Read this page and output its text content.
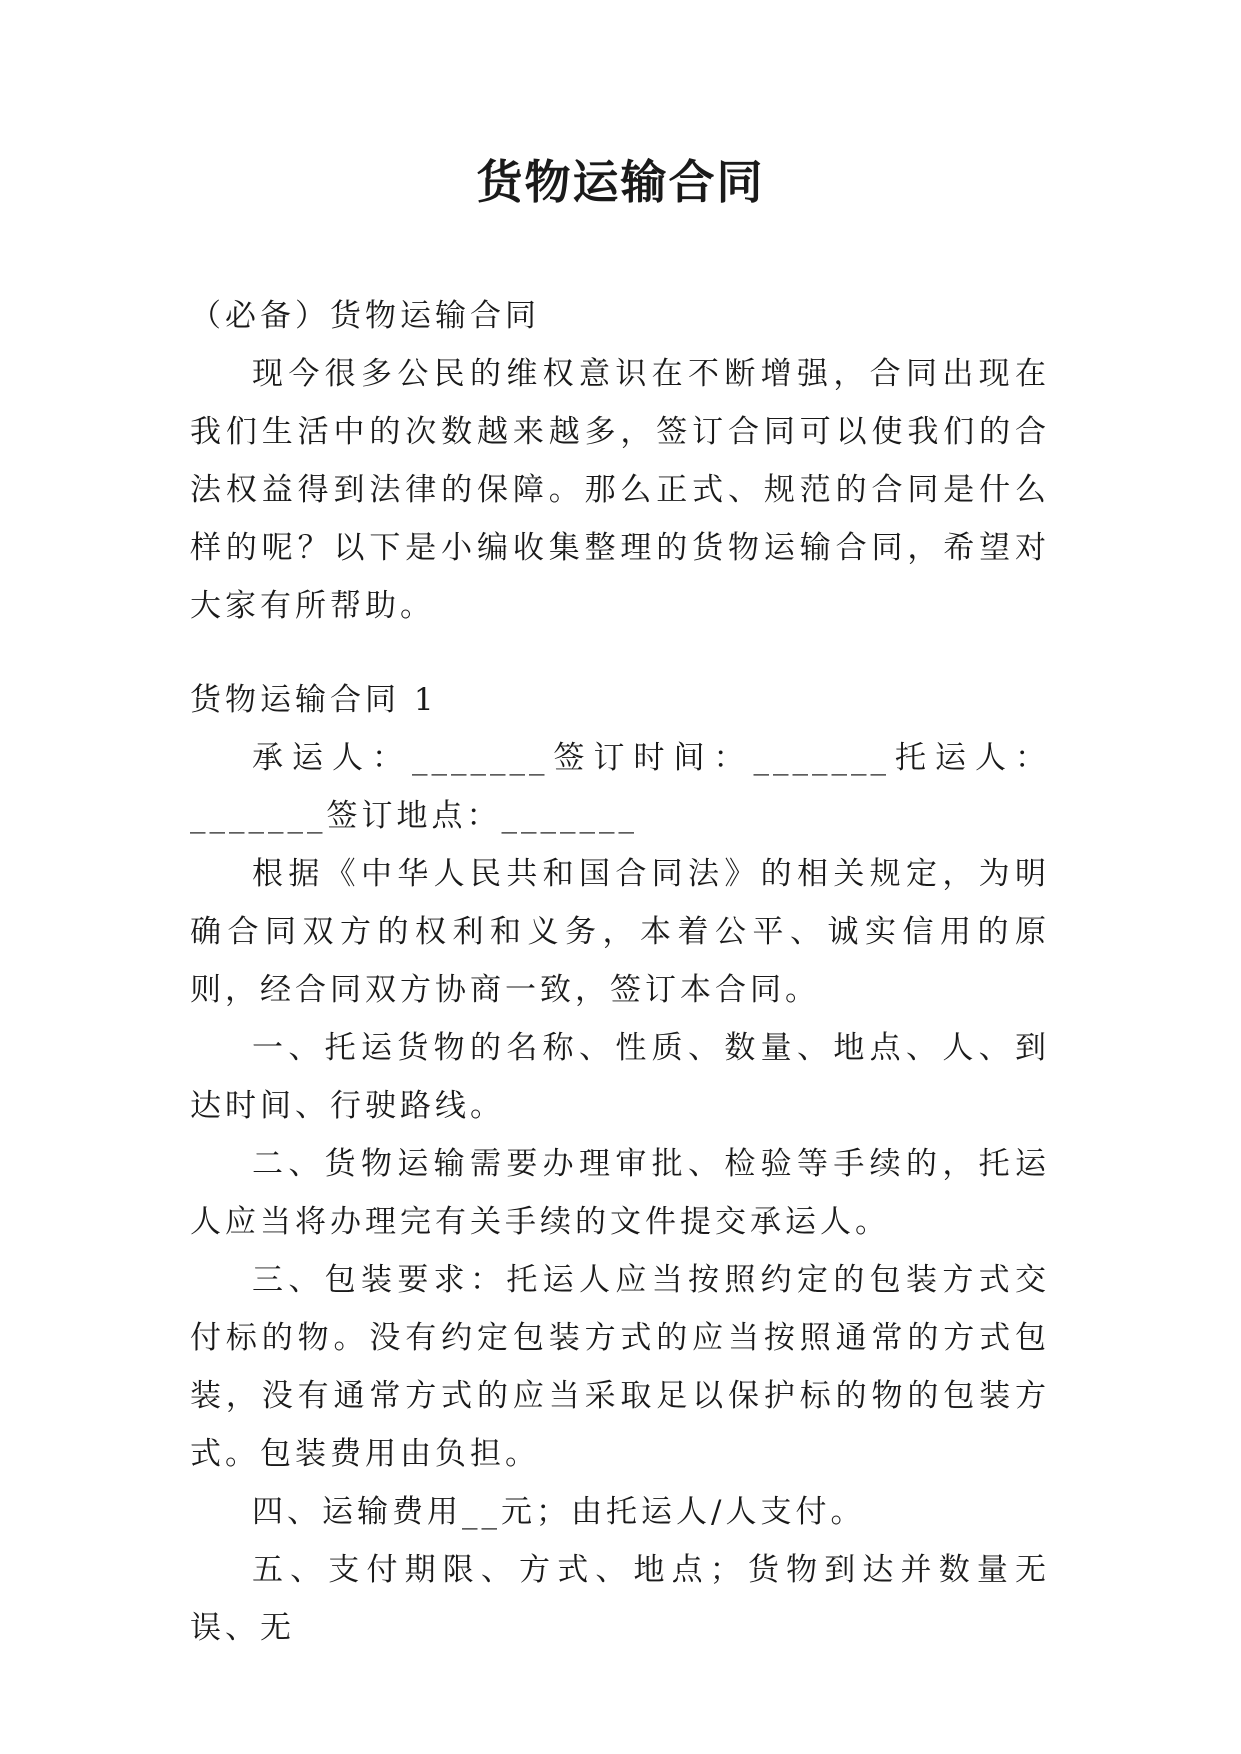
货物运输合同

（必备）货物运输合同

现今很多公民的维权意识在不断增强，合同出现在我们生活中的次数越来越多，签订合同可以使我们的合法权益得到法律的保障。那么正式、规范的合同是什么样的呢？以下是小编收集整理的货物运输合同，希望对大家有所帮助。

货物运输合同 1

承运人：_______签订时间：_______托运人：_______签订地点：_______

根据《中华人民共和国合同法》的相关规定，为明确合同双方的权利和义务，本着公平、诚实信用的原则，经合同双方协商一致，签订本合同。

一、托运货物的名称、性质、数量、地点、人、到达时间、行驶路线。

二、货物运输需要办理审批、检验等手续的，托运人应当将办理完有关手续的文件提交承运人。

三、包装要求：托运人应当按照约定的包装方式交付标的物。没有约定包装方式的应当按照通常的方式包装，没有通常方式的应当采取足以保护标的物的包装方式。包装费用由负担。

四、运输费用__元；由托运人/人支付。

五、支付期限、方式、地点；货物到达并数量无误、无
